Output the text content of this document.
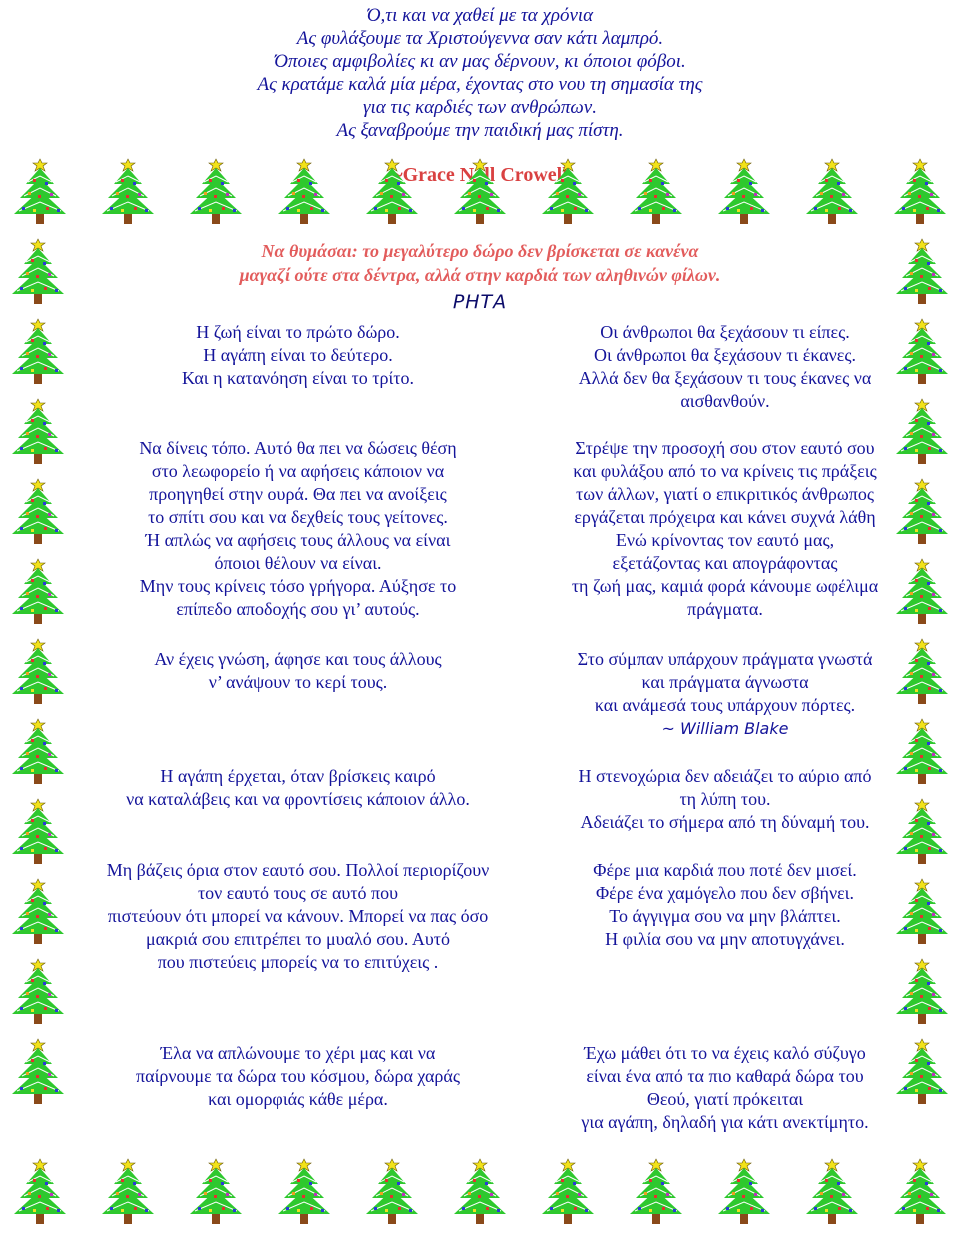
Ό,τι και να χαθεί με τα χρόνια
Ας φυλάξουμε τα Χριστούγεννα σαν κάτι λαμπρό.
Όποιες αμφιβολίες κι αν μας δέρνουν, κι όποιοι φόβοι.
Ας κρατάμε καλά μία μέρα, έχοντας στο νου τη σημασία της
για τις καρδιές των ανθρώπων.
Ας ξαναβρούμε την παιδική μας πίστη.
~Grace Crowell
Να θυμάσαι: το μεγαλύτερο δώρο δεν βρίσκεται σε κανένα
μαγαζί ούτε στα δέντρα, αλλά στην καρδιά των αληθινών φίλων.
ΡΗΤΑ
Η ζωή είναι το πρώτο δώρο.
Η αγάπη είναι το δεύτερο.
Και η κατανόηση είναι το τρίτο.
Να δίνεις τόπο. Αυτό θα πει να δώσεις θέση
στο λεωφορείο ή να αφήσεις κάποιον να
προηγηθεί στην ουρά. Θα πει να ανοίξεις
το σπίτι σου και να δεχθείς τους γείτονες.
Ή απλώς να αφήσεις τους άλλους να είναι
όποιοι θέλουν να είναι.
Μην τους κρίνεις τόσο γρήγορα. Αύξησε το
επίπεδο αποδοχής σου γι’ αυτούς.
Αν έχεις γνώση, άφησε και τους άλλους
ν’ ανάψουν το κερί τους.
Η αγάπη έρχεται, όταν βρίσκεις καιρό
να καταλάβεις και να φροντίσεις κάποιον άλλο.
Μη βάζεις όρια στον εαυτό σου. Πολλοί περιορίζουν
τον εαυτό τους σε αυτό που
πιστεύουν ότι μπορεί να κάνουν. Μπορεί να πας όσο
μακριά σου επιτρέπει το μυαλό σου. Αυτό
που πιστεύεις μπορείς να το επιτύχεις .
Έλα να απλώνουμε το χέρι μας και να
παίρνουμε τα δώρα του κόσμου, δώρα χαράς
και ομορφιάς κάθε μέρα.
Οι άνθρωποι θα ξεχάσουν τι είπες.
Οι άνθρωποι θα ξεχάσουν τι έκανες.
Αλλά δεν θα ξεχάσουν τι τους έκανες να
αισθανθούν.
Στρέψε την προσοχή σου στον εαυτό σου
και φυλάξου από το να κρίνεις τις πράξεις
των άλλων, γιατί ο επικριτικός άνθρωπος
εργάζεται πρόχειρα και κάνει συχνά λάθη
Ενώ κρίνοντας τον εαυτό μας,
εξετάζοντας και απογράφοντας
τη ζωή μας, καμιά φορά κάνουμε ωφέλιμα
πράγματα.
Στο σύμπαν υπάρχουν πράγματα γνωστά
και πράγματα άγνωστα
και ανάμεσά τους υπάρχουν πόρτες.
~ William Blake
Η στενοχώρια δεν αδειάζει το αύριο από
τη λύπη του.
Αδειάζει το σήμερα από τη δύναμή του.
Φέρε μια καρδιά που ποτέ δεν μισεί.
Φέρε ένα χαμόγελο που δεν σβήνει.
Το άγγιγμα σου να μην βλάπτει.
Η φιλία σου να μην αποτυγχάνει.
Έχω μάθει ότι το να έχεις καλό σύζυγο
είναι ένα από τα πιο καθαρά δώρα του
Θεού, γιατί πρόκειται
για αγάπη, δηλαδή για κάτι ανεκτίμητο.
